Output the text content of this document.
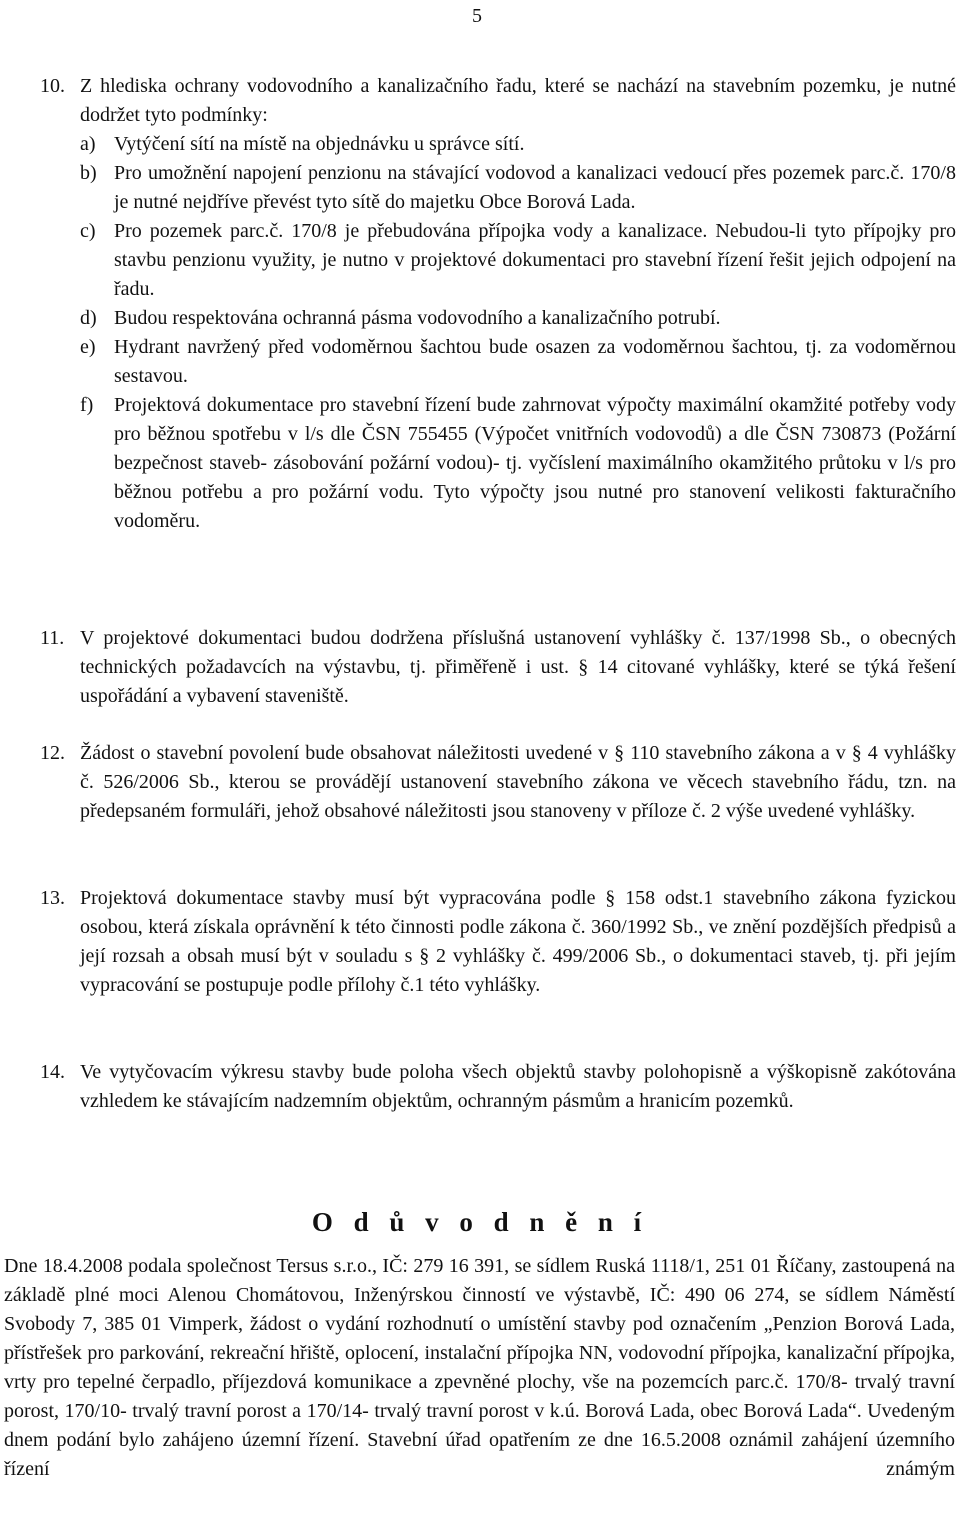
5
10. Z hlediska ochrany vodovodního a kanalizačního řadu, které se nachází na stavebním pozemku, je nutné dodržet tyto podmínky:
a) Vytýčení sítí na místě na objednávku u správce sítí.
b) Pro umožnění napojení penzionu na stávající vodovod a kanalizaci vedoucí přes pozemek parc.č. 170/8 je nutné nejdříve převést tyto sítě do majetku Obce Borová Lada.
c) Pro pozemek parc.č. 170/8 je přebudována přípojka vody a kanalizace. Nebudou-li tyto přípojky pro stavbu penzionu využity, je nutno v projektové dokumentaci pro stavební řízení řešit jejich odpojení na řadu.
d) Budou respektována ochranná pásma vodovodního a kanalizačního potrubí.
e) Hydrant navržený před vodoměrnou šachtou bude osazen za vodoměrnou šachtou, tj. za vodoměrnou sestavou.
f) Projektová dokumentace pro stavební řízení bude zahrnovat výpočty maximální okamžité potřeby vody pro běžnou spotřebu v l/s dle ČSN 755455 (Výpočet vnitřních vodovodů) a dle ČSN 730873 (Požární bezpečnost staveb- zásobování požární vodou)- tj. vyčíslení maximálního okamžitého průtoku v l/s pro běžnou potřebu a pro požární vodu. Tyto výpočty jsou nutné pro stanovení velikosti fakturačního vodoměru.
11. V projektové dokumentaci budou dodržena příslušná ustanovení vyhlášky č. 137/1998 Sb., o obecných technických požadavcích na výstavbu, tj. přiměřeně i ust. § 14 citované vyhlášky, které se týká řešení uspořádání a vybavení staveniště.
12. Žádost o stavební povolení bude obsahovat náležitosti uvedené v § 110 stavebního zákona a v § 4 vyhlášky č. 526/2006 Sb., kterou se provádějí ustanovení stavebního zákona ve věcech stavebního řádu, tzn. na předepsaném formuláři, jehož obsahové náležitosti jsou stanoveny v příloze č. 2 výše uvedené vyhlášky.
13. Projektová dokumentace stavby musí být vypracována podle § 158 odst.1 stavebního zákona fyzickou osobou, která získala oprávnění k této činnosti podle zákona č. 360/1992 Sb., ve znění pozdějších předpisů a její rozsah a obsah musí být v souladu s § 2 vyhlášky č. 499/2006 Sb., o dokumentaci staveb, tj. při jejím vypracování se postupuje podle přílohy č.1 této vyhlášky.
14. Ve vytyčovacím výkresu stavby bude poloha všech objektů stavby polohopisně a výškopisně zakótována vzhledem ke stávajícím nadzemním objektům, ochranným pásmům a hranicím pozemků.
O d ů v o d n ě n í
Dne 18.4.2008 podala společnost Tersus s.r.o., IČ: 279 16 391, se sídlem Ruská 1118/1, 251 01 Říčany, zastoupená na základě plné moci Alenou Chomátovou, Inženýrskou činností ve výstavbě, IČ: 490 06 274, se sídlem Náměstí Svobody 7, 385 01 Vimperk, žádost o vydání rozhodnutí o umístění stavby pod označením „Penzion Borová Lada, přístřešek pro parkování, rekreační hřiště, oplocení, instalační přípojka NN, vodovodní přípojka, kanalizační přípojka, vrty pro tepelné čerpadlo, příjezdová komunikace a zpevněné plochy, vše na pozemcích parc.č. 170/8- trvalý travní porost, 170/10- trvalý travní porost a 170/14- trvalý travní porost v k.ú. Borová Lada, obec Borová Lada“. Uvedeným dnem podání bylo zahájeno územní řízení. Stavební úřad opatřením ze dne 16.5.2008 oznámil zahájení územního řízení známým
